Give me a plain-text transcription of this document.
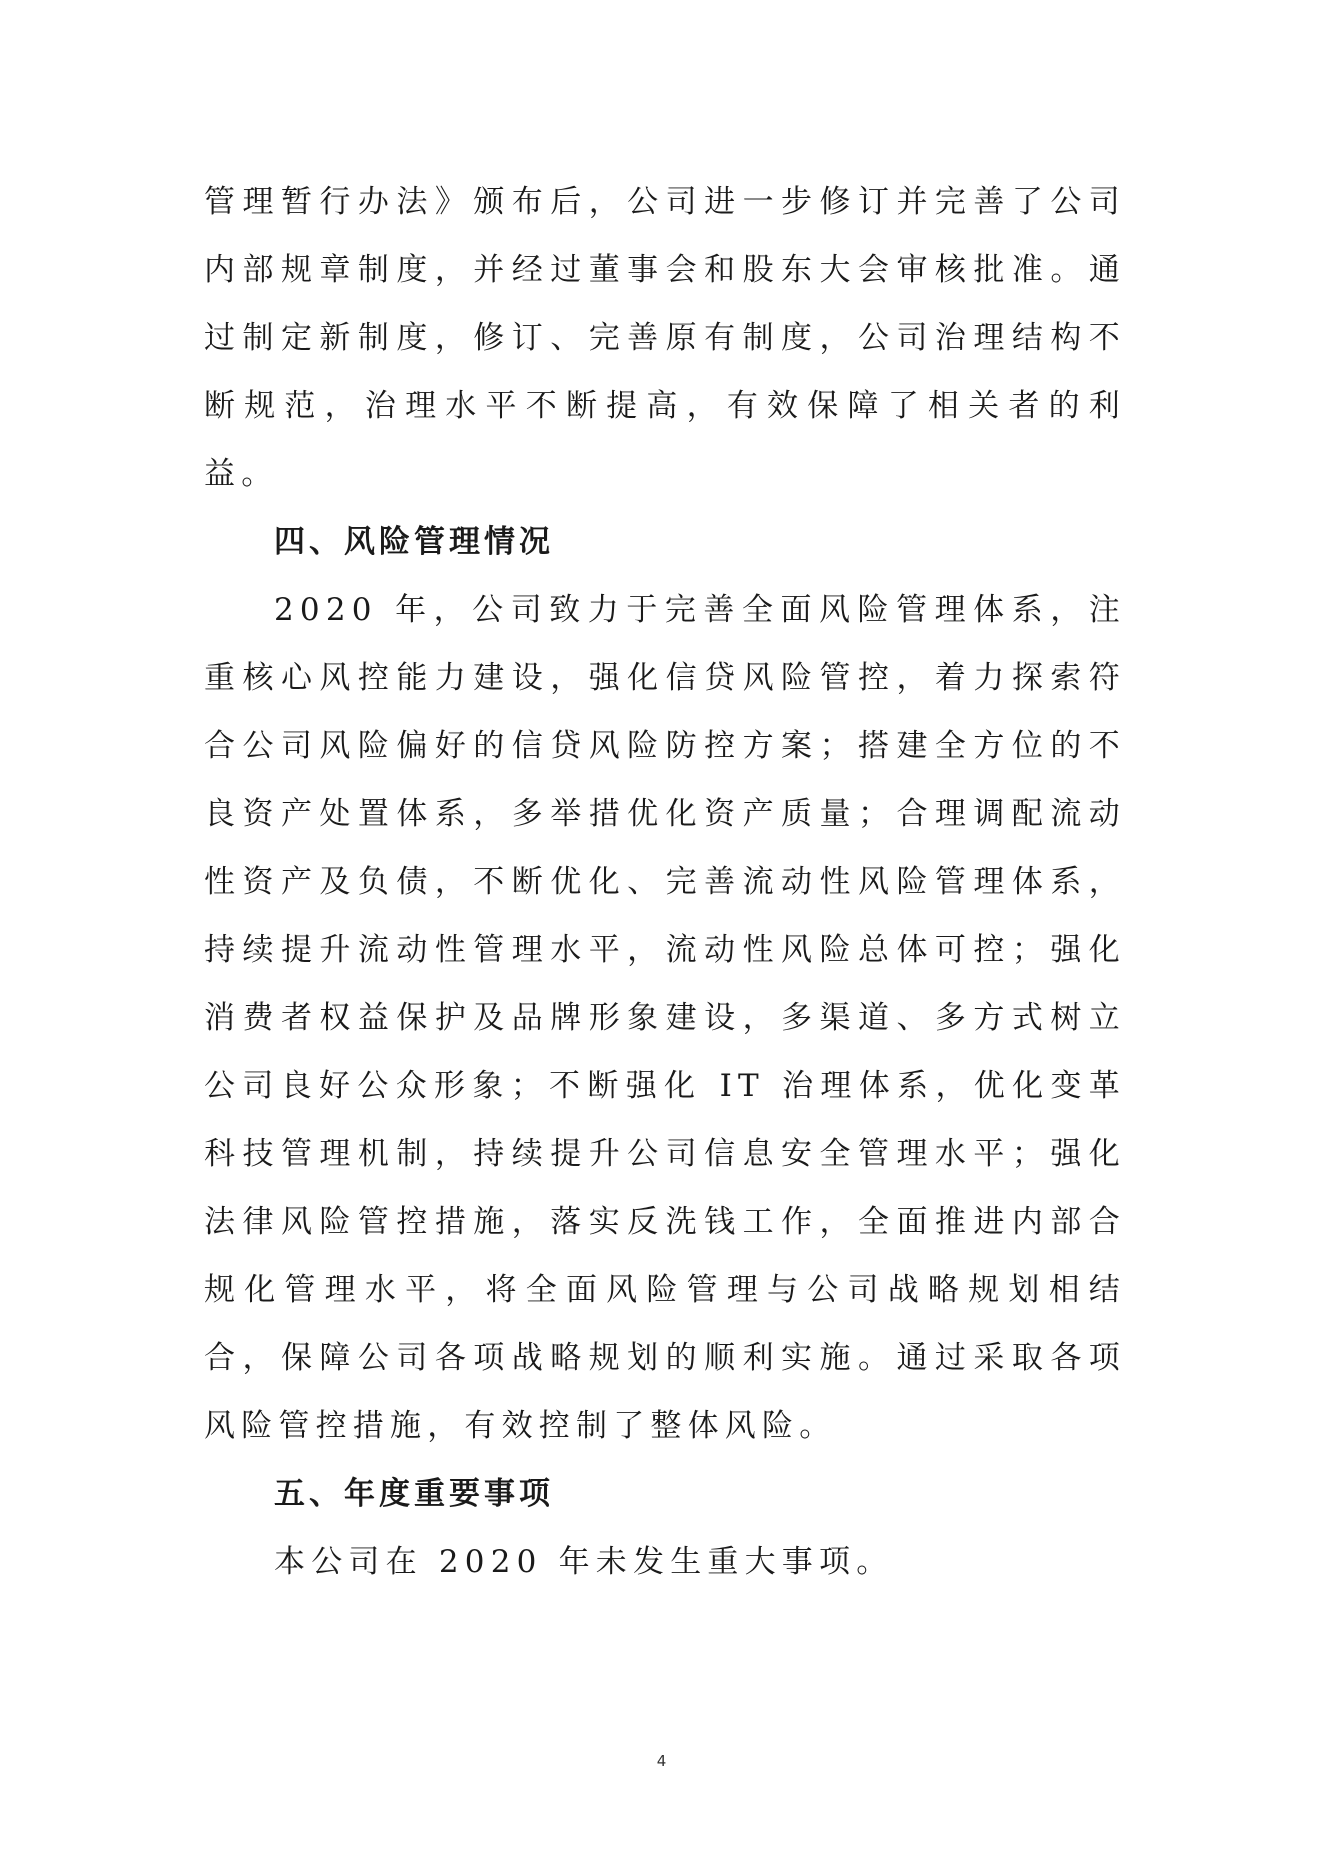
管理暂行办法》颁布后，公司进一步修订并完善了公司内部规章制度，并经过董事会和股东大会审核批准。通过制定新制度，修订、完善原有制度，公司治理结构不断规范，治理水平不断提高，有效保障了相关者的利益。

四、风险管理情况

2020 年，公司致力于完善全面风险管理体系，注重核心风控能力建设，强化信贷风险管控，着力探索符合公司风险偏好的信贷风险防控方案；搭建全方位的不良资产处置体系，多举措优化资产质量；合理调配流动性资产及负债，不断优化、完善流动性风险管理体系，持续提升流动性管理水平，流动性风险总体可控；强化消费者权益保护及品牌形象建设，多渠道、多方式树立公司良好公众形象；不断强化 IT 治理体系，优化变革科技管理机制，持续提升公司信息安全管理水平；强化法律风险管控措施，落实反洗钱工作，全面推进内部合规化管理水平，将全面风险管理与公司战略规划相结合，保障公司各项战略规划的顺利实施。通过采取各项风险管控措施，有效控制了整体风险。

五、年度重要事项

本公司在 2020 年未发生重大事项。

4
